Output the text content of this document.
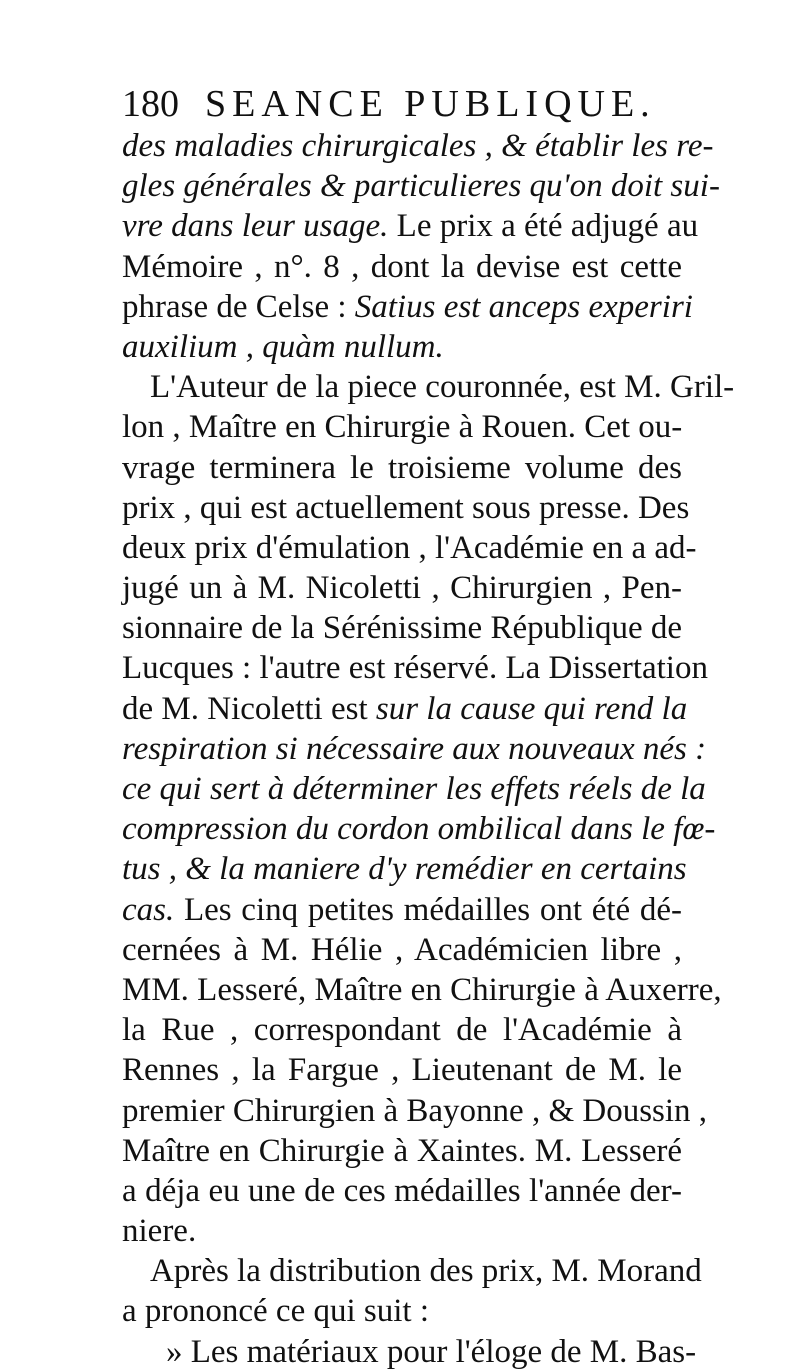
180 SEANCE PUBLIQUE.
des maladies chirurgicales , & établir les re-
gles générales & particulieres qu'on doit sui-
vre dans leur usage. Le prix a été adjugé au
Mémoire , n°. 8 , dont la devise est cette
phrase de Celse : Satius est anceps experiri
auxilium , quàm nullum.
L'Auteur de la piece couronnée, est M. Gril-
lon , Maître en Chirurgie à Rouen. Cet ou-
vrage terminera le troisieme volume des
prix , qui est actuellement sous presse. Des
deux prix d'émulation , l'Académie en a ad-
jugé un à M. Nicoletti , Chirurgien , Pen-
sionnaire de la Sérénissime République de
Lucques : l'autre est réservé. La Dissertation
de M. Nicoletti est sur la cause qui rend la
respiration si nécessaire aux nouveaux nés :
ce qui sert à déterminer les effets réels de la
compression du cordon ombilical dans le fœ-
tus , & la maniere d'y remédier en certains
cas. Les cinq petites médailles ont été dé-
cernées à M. Hélie , Académicien libre ,
MM. Lesseré, Maître en Chirurgie à Auxerre,
la Rue , correspondant de l'Académie à
Rennes , la Fargue , Lieutenant de M. le
premier Chirurgien à Bayonne , & Doussin ,
Maître en Chirurgie à Xaintes. M. Lesseré
a déja eu une de ces médailles l'année der-
niere.
Après la distribution des prix, M. Morand
a prononcé ce qui suit :
» Les matériaux pour l'éloge de M. Bas-
